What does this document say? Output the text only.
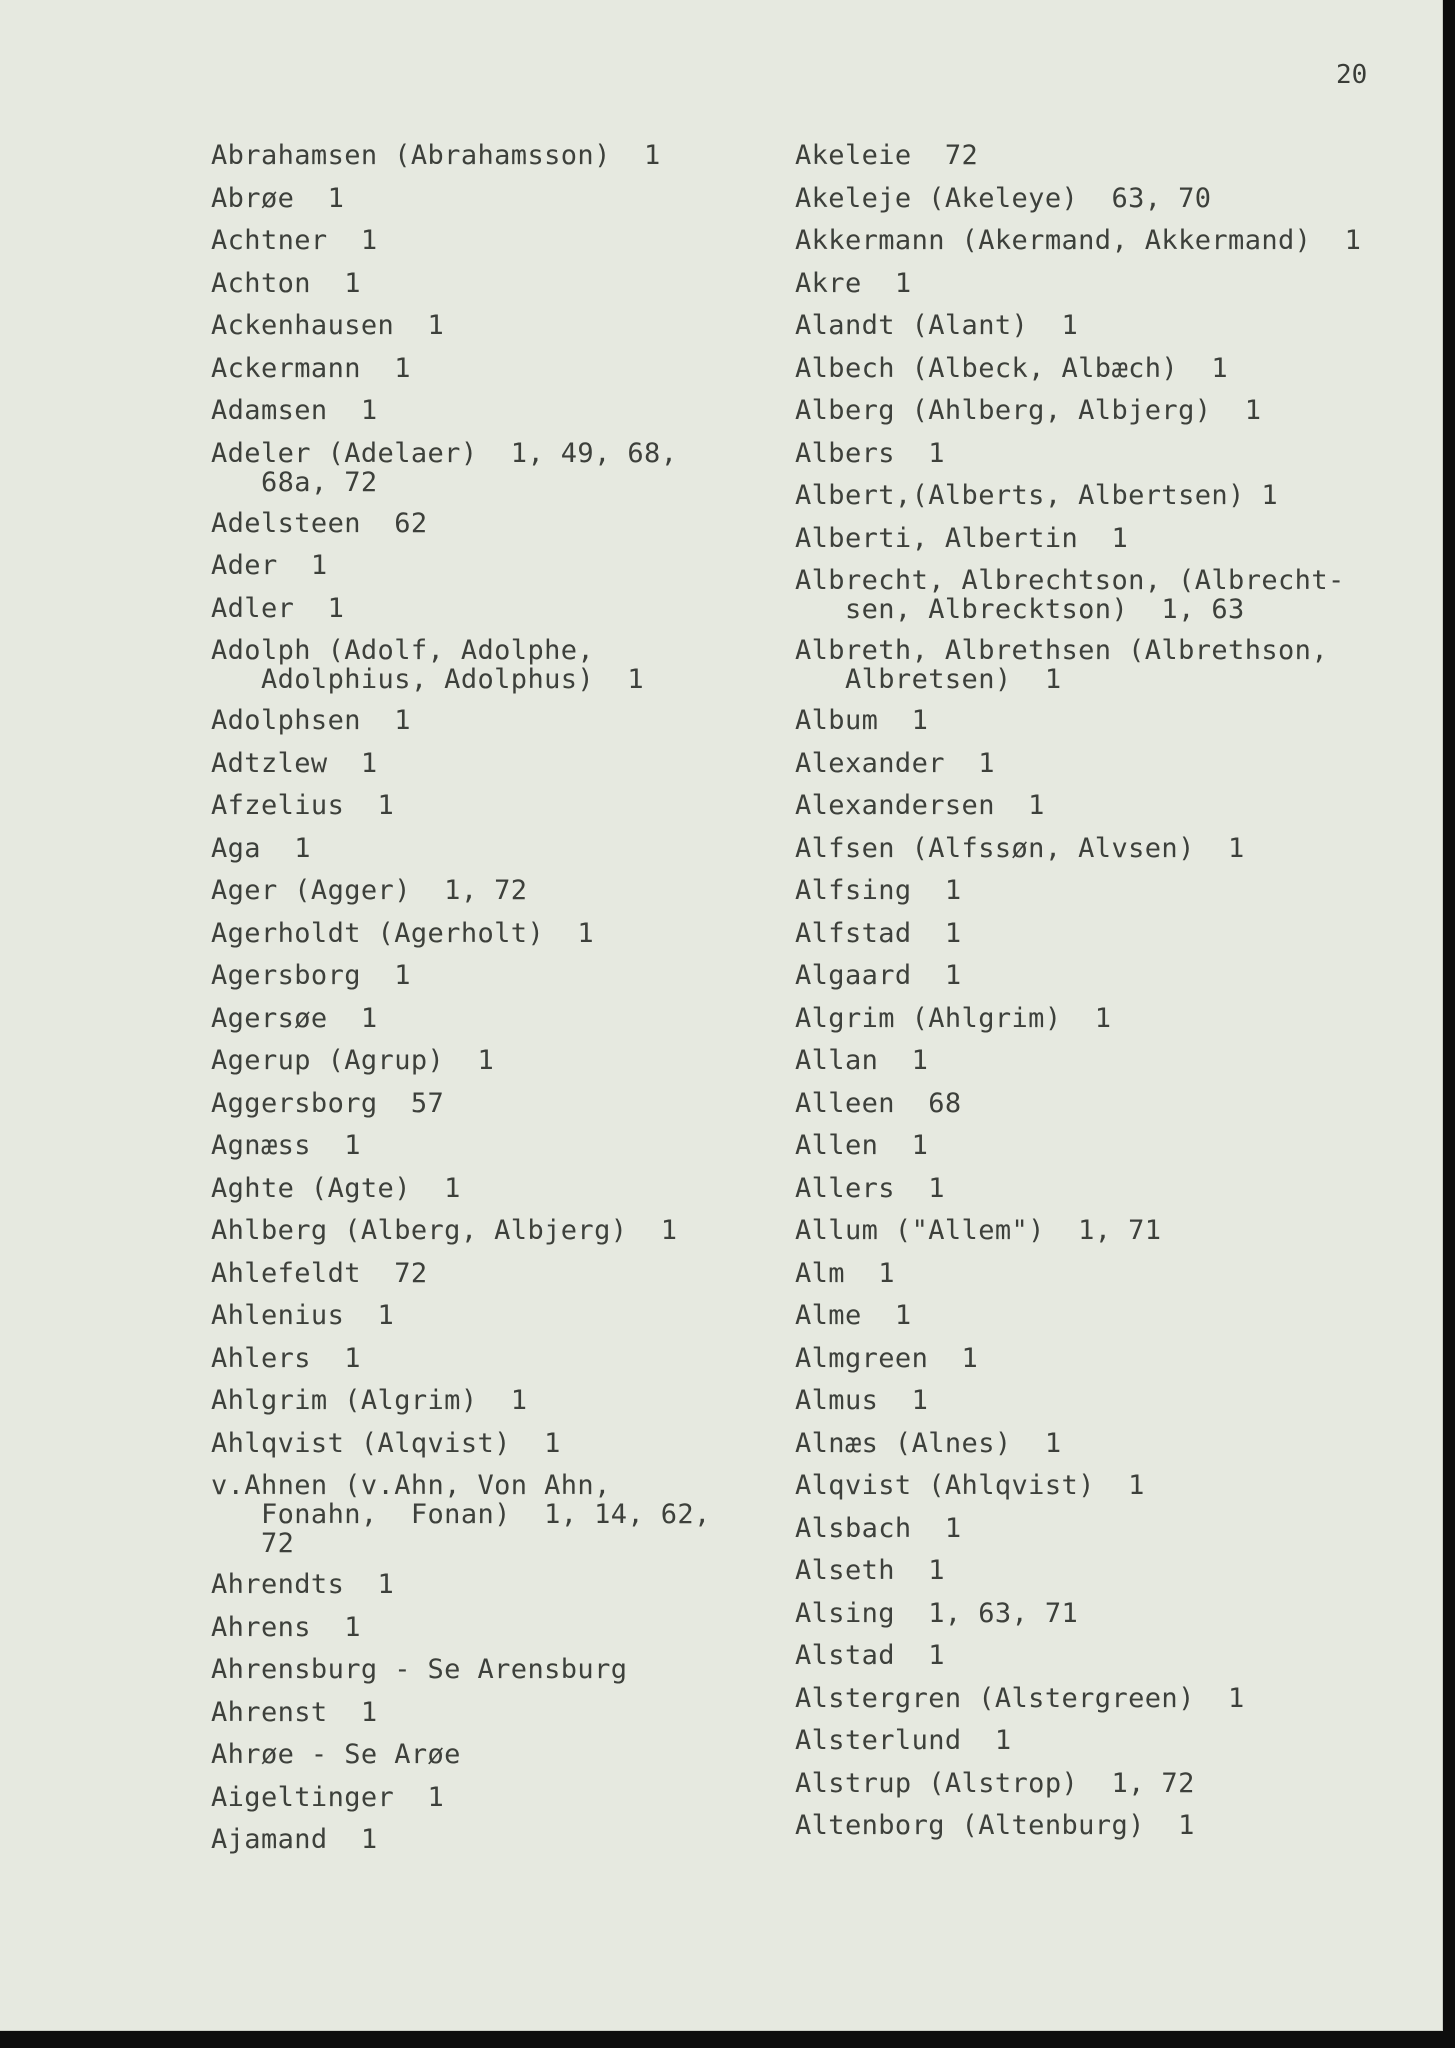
20
Abrahamsen (Abrahamsson)  1
Abrøe  1
Achtner  1
Achton  1
Ackenhausen  1
Ackermann  1
Adamsen  1
Adeler (Adelaer)  1, 49, 68,
68a, 72
Adelsteen  62
Ader  1
Adler  1
Adolph (Adolf, Adolphe,
Adolphius, Adolphus)  1
Adolphsen  1
Adtzlew  1
Afzelius  1
Aga  1
Ager (Agger)  1, 72
Agerholdt (Agerholt)  1
Agersborg  1
Agersøe  1
Agerup (Agrup)  1
Aggersborg  57
Agnæss  1
Aghte (Agte)  1
Ahlberg (Alberg, Albjerg)  1
Ahlefeldt  72
Ahlenius  1
Ahlers  1
Ahlgrim (Algrim)  1
Ahlqvist (Alqvist)  1
v.Ahnen (v.Ahn, Von Ahn,
Fonahn,  Fonan)  1, 14, 62,
72
Ahrendts  1
Ahrens  1
Ahrensburg - Se Arensburg
Ahrenst  1
Ahrøe - Se Arøe
Aigeltinger  1
Ajamand  1
Akeleie  72
Akeleje (Akeleye)  63, 70
Akkermann (Akermand, Akkermand)  1
Akre  1
Alandt (Alant)  1
Albech (Albeck, Albæch)  1
Alberg (Ahlberg, Albjerg)  1
Albers  1
Albert,(Alberts, Albertsen) 1
Alberti, Albertin  1
Albrecht, Albrechtson, (Albrecht-
sen, Albrecktson)  1, 63
Albreth, Albrethsen (Albrethson,
Albretsen)  1
Album  1
Alexander  1
Alexandersen  1
Alfsen (Alfssøn, Alvsen)  1
Alfsing  1
Alfstad  1
Algaard  1
Algrim (Ahlgrim)  1
Allan  1
Alleen  68
Allen  1
Allers  1
Allum ("Allem")  1, 71
Alm  1
Alme  1
Almgreen  1
Almus  1
Alnæs (Alnes)  1
Alqvist (Ahlqvist)  1
Alsbach  1
Alseth  1
Alsing  1, 63, 71
Alstad  1
Alstergren (Alstergreen)  1
Alsterlund  1
Alstrup (Alstrop)  1, 72
Altenborg (Altenburg)  1
